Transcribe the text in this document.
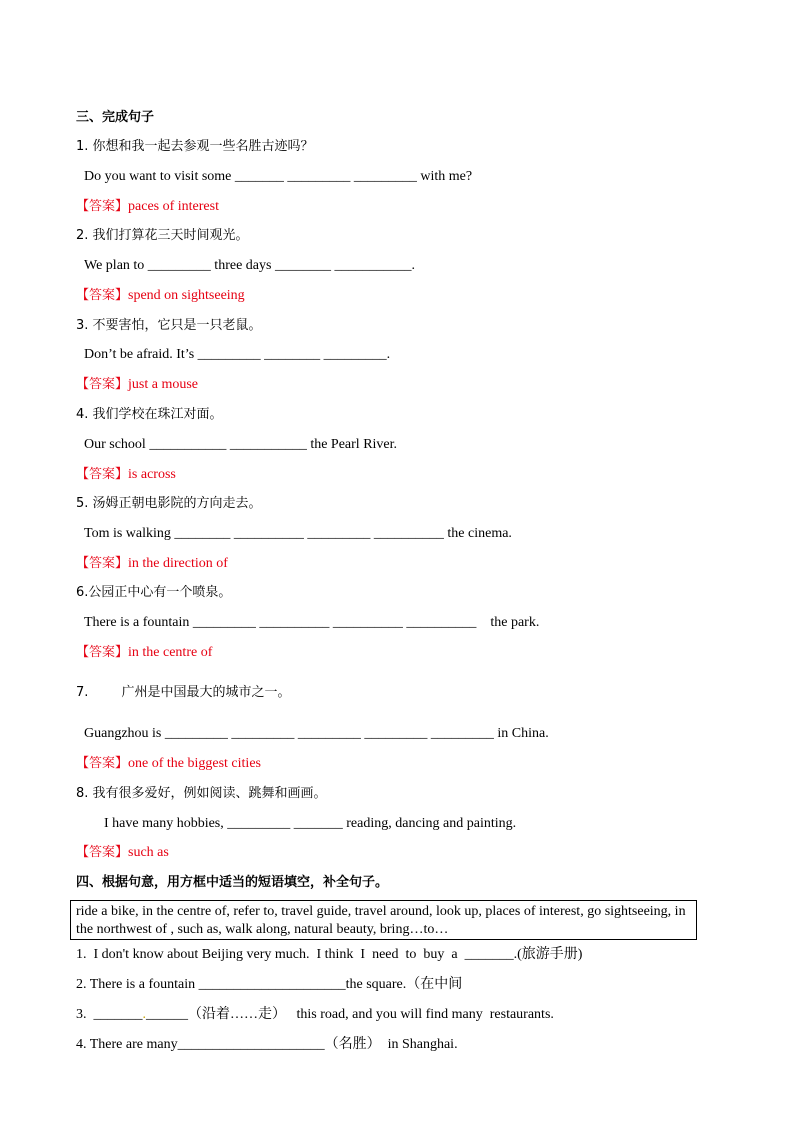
三、完成句子
1. 你想和我一起去参观一些名胜古迹吗？
Do you want to visit some _______ _________ _________ with me?
【答案】paces of interest
2. 我们打算花三天时间观光。
We plan to _________ three days ________ ___________.
【答案】spend on sightseeing
3. 不要害怕，它只是一只老鼠。
Don’t be afraid. It’s _________ ________ _________.
【答案】just a mouse
4. 我们学校在珠江对面。
Our school ___________ ___________ the Pearl River.
【答案】is across
5. 汤姆正朝电影院的方向走去。
Tom is walking ________ __________ _________ __________ the cinema.
【答案】in the direction of
6.公园正中心有一个喷泉。
There is a fountain _________ __________ __________ __________    the park.
【答案】in the centre of
7.        广州是中国最大的城市之一。
Guangzhou is _________ _________ _________ _________ _________ in China.
【答案】one of the biggest cities
8. 我有很多爱好，例如阅读、跳舞和画画。
I have many hobbies, _________ _______ reading, dancing and painting.
【答案】such as
四、根据句意，用方框中适当的短语填空，补全句子。
ride a bike, in the centre of, refer to, travel guide, travel around, look up, places of interest, go sightseeing, in
the northwest of , such as, walk along, natural beauty, bring…to…
1.  I don't know about Beijing very much.  I think  I  need  to  buy  a  _______.(旅游手册)
2. There is a fountain _____________________the square.（在中间
3.  _______.______（沿着……走）   this road, and you will find many  restaurants.
4. There are many_____________________（名胜）  in Shanghai.
